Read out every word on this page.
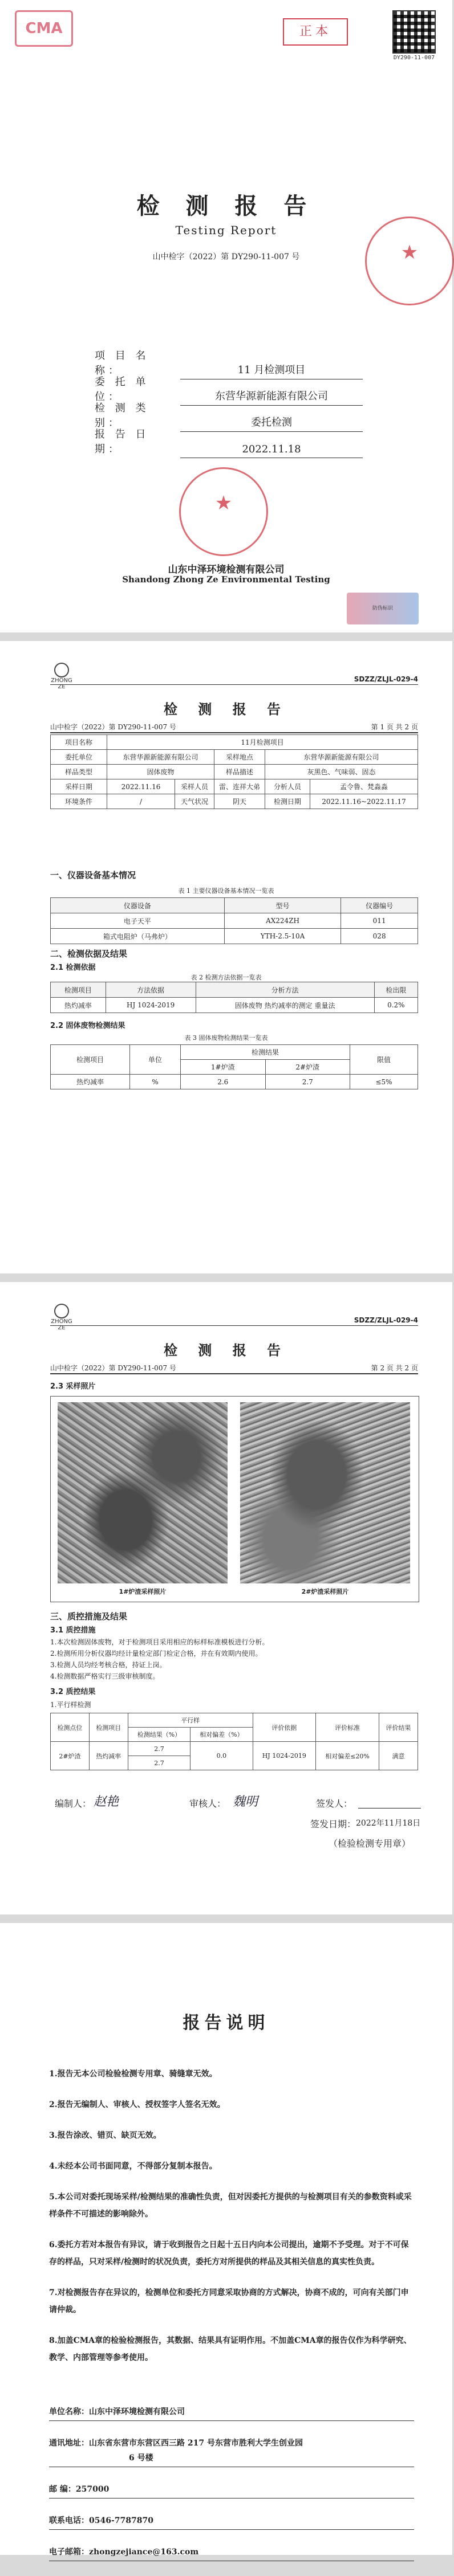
CMA	正本
DY290-11-007
★
检 测 报 告
Testing Report
山中检字（2022）第 DY290-11-007 号
项 目 名 称：	11 月检测项目
委 托 单 位：	东营华源新能源有限公司
检 测 类 别：	委托检测
报 告 日 期：	2022.11.18
★
山东中泽环境检测有限公司
Shandong Zhong Ze Environmental Testing
防伪标识
ZHONG ZE
SDZZ/ZLJL-029-4
检 测 报 告
山中检字（2022）第 DY290-11-007 号	第 1 页 共 2 页
项目名称	11月检测项目				
委托单位	东营华源新能源有限公司		采样地点	东营华源新能源有限公司	
样品类型	固体废物		样品描述	灰黑色、气味弱、固态	
采样日期	2022.11.16	采样人员	雷、连祥大弟	分析人员	孟令鲁、梵淼淼
环境条件	/	天气状况	阴天	检测日期	2022.11.16~2022.11.17
一、仪器设备基本情况
表 1 主要仪器设备基本情况一览表
仪器设备	型号	仪器编号
电子天平	AX224ZH	011
箱式电阻炉（马弗炉）	YTH-2.5-10A	028
二、检测依据及结果
2.1 检测依据
表 2 检测方法依据一览表
检测项目	方法依据	分析方法	检出限
热灼减率	HJ 1024-2019	固体废物 热灼减率的测定 重量法	0.2%
2.2 固体废物检测结果
表 3 固体废物检测结果一览表
检测项目	单位	检测结果		限值
		1#炉渣	2#炉渣	
热灼减率	%	2.6	2.7	≤5%
ZHONG ZE
SDZZ/ZLJL-029-4
检 测 报 告
山中检字（2022）第 DY290-11-007 号	第 2 页 共 2 页
2.3 采样照片
1#炉渣采样照片	2#炉渣采样照片
三、质控措施及结果
3.1 质控措施
1.本次检测固体废物，对于检测项目采用相应的标样标准模板进行分析。
2.检测所用分析仪器均经计量检定部门检定合格，并在有效期内使用。
3.检测人员均经考核合格，持证上岗。
4.检测数据严格实行三级审核制度。
3.2 质控结果
1.平行样检测
检测点位	检测项目	平行样		评价依据	评价标准	评价结果
		检测结果（%）	相对偏差（%）			
2#炉渣	热灼减率	2.7	0.0	HJ 1024-2019	相对偏差≤20%	满意
		2.7				
编制人： 赵艳	审核人： 魏明	签发人：
签发日期： 2022年11月18日
（检验检测专用章）
报告说明

1.报告无本公司检验检测专用章、骑缝章无效。

2.报告无编制人、审核人、授权签字人签名无效。

3.报告涂改、错页、缺页无效。

4.未经本公司书面同意，不得部分复制本报告。

5.本公司对委托现场采样/检测结果的准确性负责，但对因委托方提供的与检测项目有关的参数资料或采样条件不可描述的影响除外。

6.委托方若对本报告有异议，请于收到报告之日起十五日内向本公司提出，逾期不予受理。对于不可保存的样品，只对采样/检测时的状况负责，委托方对所提供的样品及其相关信息的真实性负责。

7.对检测报告存在异议的，检测单位和委托方同意采取协商的方式解决，协商不成的，可向有关部门申请仲裁。

8.加盖CMA章的检验检测报告，其数据、结果具有证明作用。不加盖CMA章的报告仅作为科学研究、教学、内部管理等参考使用。

单位名称：山东中泽环境检测有限公司
通讯地址：山东省东营市东营区西三路 217 号东营市胜利大学生创业园
6 号楼
邮 编：257000
联系电话：0546-7787870
电子邮箱：zhongzejiance@163.com
